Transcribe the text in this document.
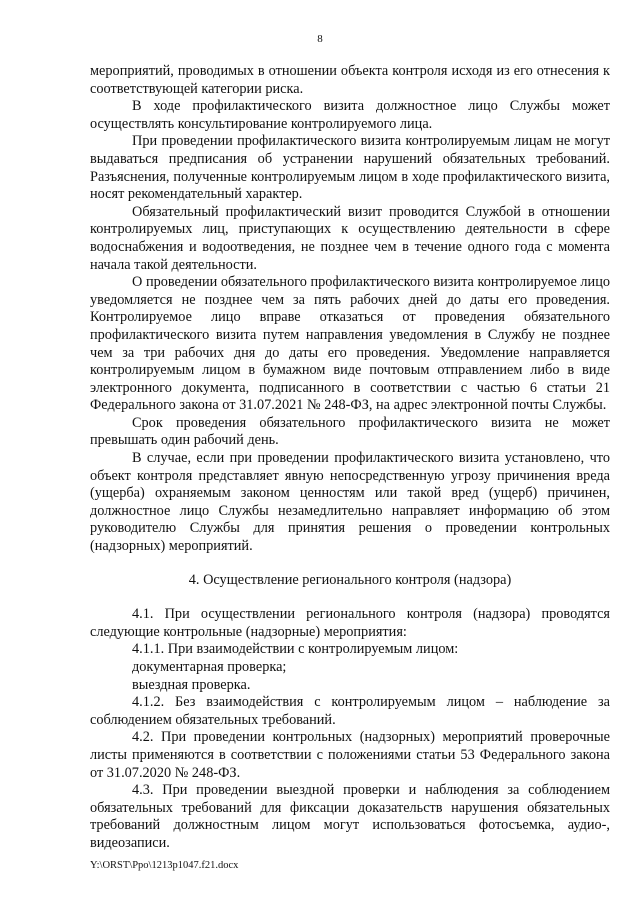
8

мероприятий, проводимых в отношении объекта контроля исходя из его отнесения к соответствующей категории риска.

В ходе профилактического визита должностное лицо Службы может осуществлять консультирование контролируемого лица.

При проведении профилактического визита контролируемым лицам не могут выдаваться предписания об устранении нарушений обязательных требований. Разъяснения, полученные контролируемым лицом в ходе профилактического визита, носят рекомендательный характер.

Обязательный профилактический визит проводится Службой в отношении контролируемых лиц, приступающих к осуществлению деятельности в сфере водоснабжения и водоотведения, не позднее чем в течение одного года с момента начала такой деятельности.

О проведении обязательного профилактического визита контролируемое лицо уведомляется не позднее чем за пять рабочих дней до даты его проведения. Контролируемое лицо вправе отказаться от проведения обязательного профилактического визита путем направления уведомления в Службу не позднее чем за три рабочих дня до даты его проведения. Уведомление направляется контролируемым лицом в бумажном виде почтовым отправлением либо в виде электронного документа, подписанного в соответствии с частью 6 статьи 21 Федерального закона от 31.07.2021 № 248-ФЗ, на адрес электронной почты Службы.

Срок проведения обязательного профилактического визита не может превышать один рабочий день.

В случае, если при проведении профилактического визита установлено, что объект контроля представляет явную непосредственную угрозу причинения вреда (ущерба) охраняемым законом ценностям или такой вред (ущерб) причинен, должностное лицо Службы незамедлительно направляет информацию об этом руководителю Службы для принятия решения о проведении контрольных (надзорных) мероприятий.

4. Осуществление регионального контроля (надзора)

4.1. При осуществлении регионального контроля (надзора) проводятся следующие контрольные (надзорные) мероприятия:

4.1.1. При взаимодействии с контролируемым лицом:

документарная проверка;

выездная проверка.

4.1.2. Без взаимодействия с контролируемым лицом – наблюдение за соблюдением обязательных требований.

4.2. При проведении контрольных (надзорных) мероприятий проверочные листы применяются в соответствии с положениями статьи 53 Федерального закона от 31.07.2020 № 248-ФЗ.

4.3. При проведении выездной проверки и наблюдения за соблюдением обязательных требований для фиксации доказательств нарушения обязательных требований должностным лицом могут использоваться фотосъемка, аудио-, видеозаписи.

Y:\ORST\Ppo\1213p1047.f21.docx
